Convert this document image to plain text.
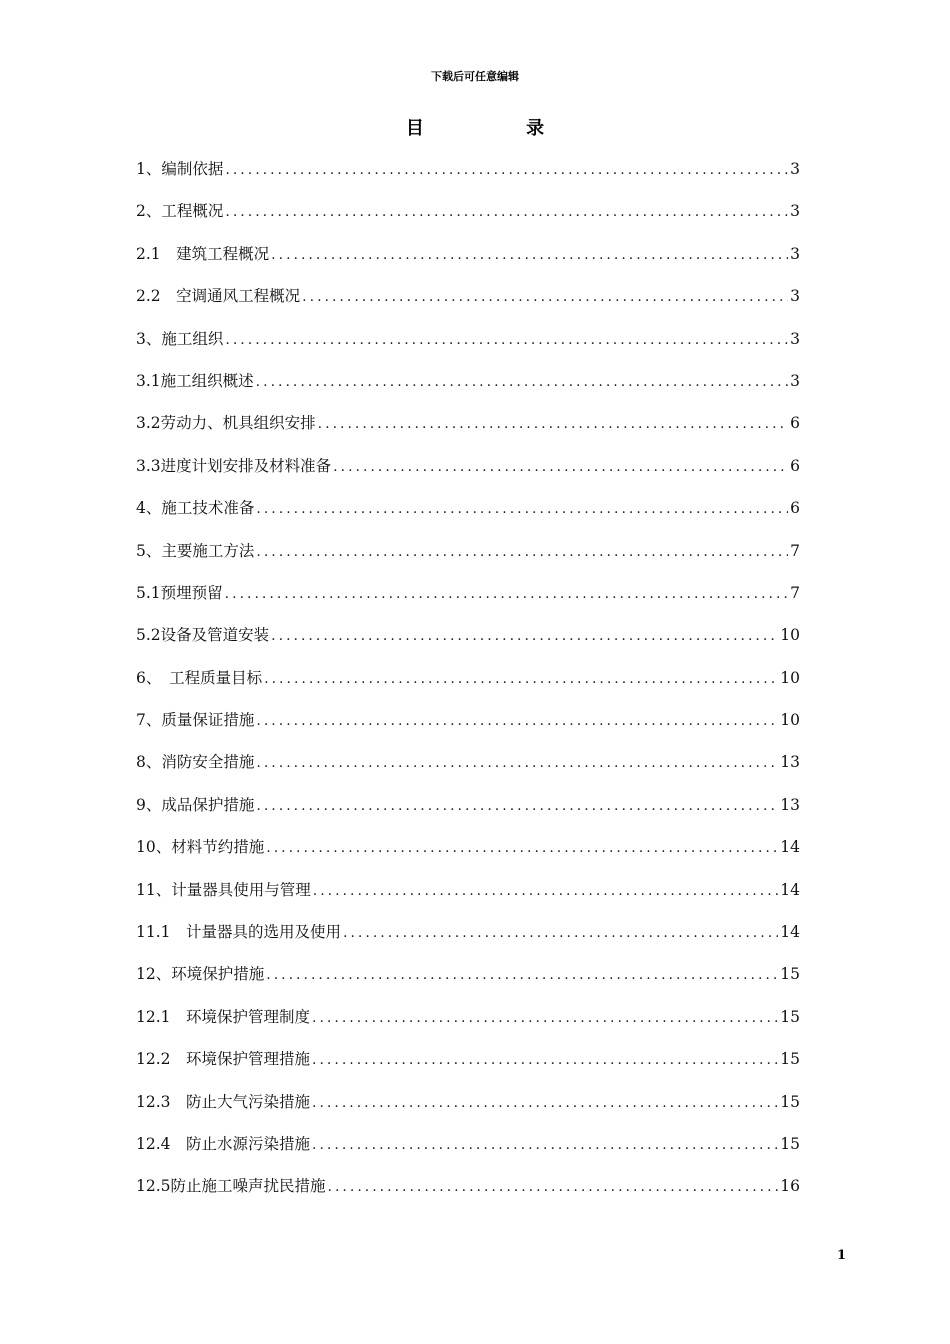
下载后可任意编辑
目 录
1、编制依据 .....	3
2、工程概况 .....	3
2.1　建筑工程概况 .....	3
2.2　空调通风工程概况 .....	3
3、施工组织 .....	3
3.1施工组织概述 .....	3
3.2劳动力、机具组织安排 .....	6
3.3进度计划安排及材料准备 .....	6
4、施工技术准备 .....	6
5、主要施工方法 .....	7
5.1预埋预留 .....	7
5.2设备及管道安装 .....	10
6、　工程质量目标 .....	10
7、质量保证措施 .....	10
8、消防安全措施 .....	13
9、成品保护措施 .....	13
10、材料节约措施 .....	14
11、计量器具使用与管理 .....	14
11.1　计量器具的选用及使用 .....	14
12、环境保护措施 .....	15
12.1　环境保护管理制度 .....	15
12.2　环境保护管理措施 .....	15
12.3　防止大气污染措施 .....	15
12.4　防止水源污染措施 .....	15
12.5防止施工噪声扰民措施 .....	16
1
